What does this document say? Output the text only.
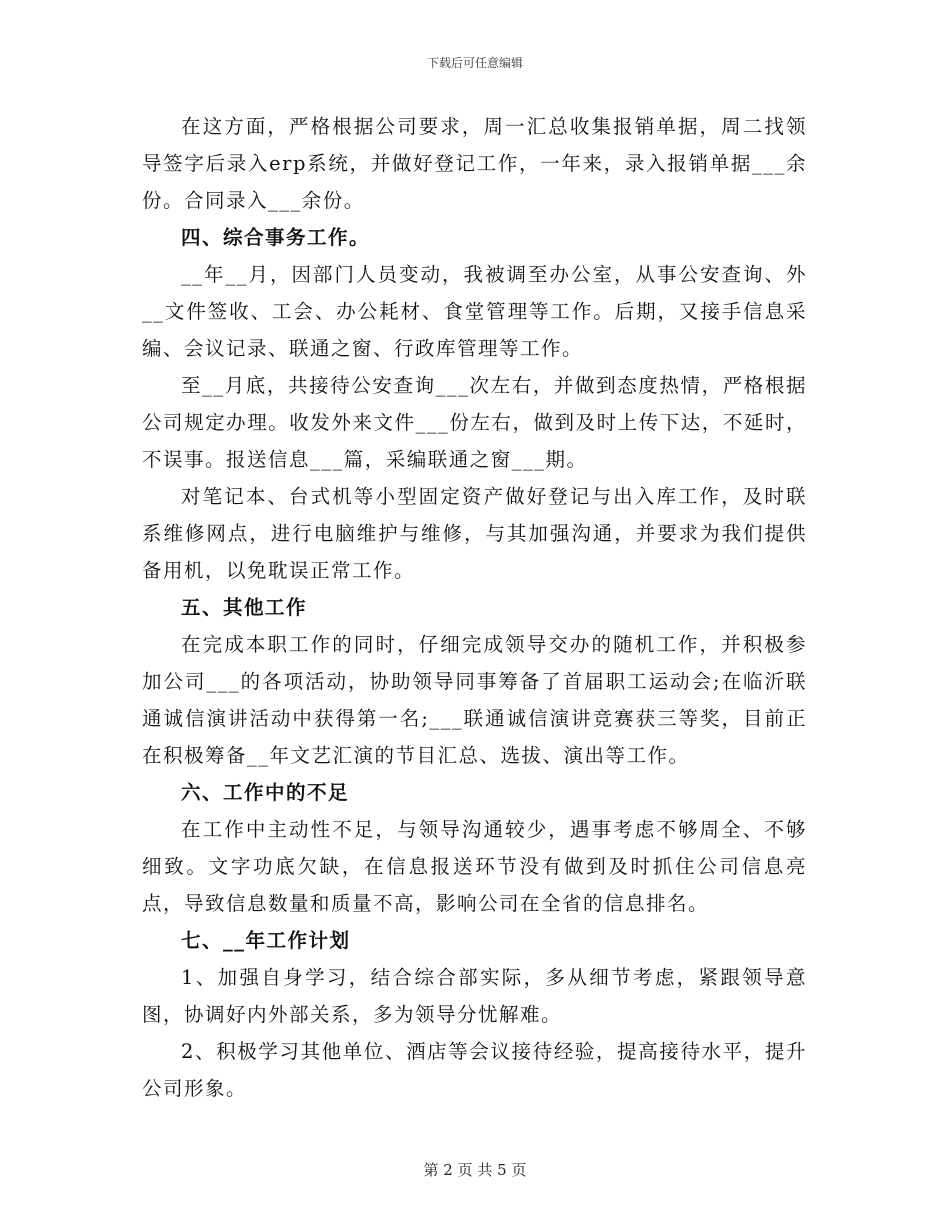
下载后可任意编辑

在这方面，严格根据公司要求，周一汇总收集报销单据，周二找领导签字后录入erp系统，并做好登记工作，一年来，录入报销单据___余份。合同录入___余份。

四、综合事务工作。

__年__月，因部门人员变动，我被调至办公室，从事公安查询、外__文件签收、工会、办公耗材、食堂管理等工作。后期，又接手信息采编、会议记录、联通之窗、行政库管理等工作。

至__月底，共接待公安查询___次左右，并做到态度热情，严格根据公司规定办理。收发外来文件___份左右，做到及时上传下达，不延时，不误事。报送信息___篇，采编联通之窗___期。

对笔记本、台式机等小型固定资产做好登记与出入库工作，及时联系维修网点，进行电脑维护与维修，与其加强沟通，并要求为我们提供备用机，以免耽误正常工作。

五、其他工作

在完成本职工作的同时，仔细完成领导交办的随机工作，并积极参加公司___的各项活动，协助领导同事筹备了首届职工运动会;在临沂联通诚信演讲活动中获得第一名;___联通诚信演讲竞赛获三等奖，目前正在积极筹备__年文艺汇演的节目汇总、选拔、演出等工作。

六、工作中的不足

在工作中主动性不足，与领导沟通较少，遇事考虑不够周全、不够细致。文字功底欠缺，在信息报送环节没有做到及时抓住公司信息亮点，导致信息数量和质量不高，影响公司在全省的信息排名。

七、__年工作计划

1、加强自身学习，结合综合部实际，多从细节考虑，紧跟领导意图，协调好内外部关系，多为领导分忧解难。

2、积极学习其他单位、酒店等会议接待经验，提高接待水平，提升公司形象。

第 2 页 共 5 页
